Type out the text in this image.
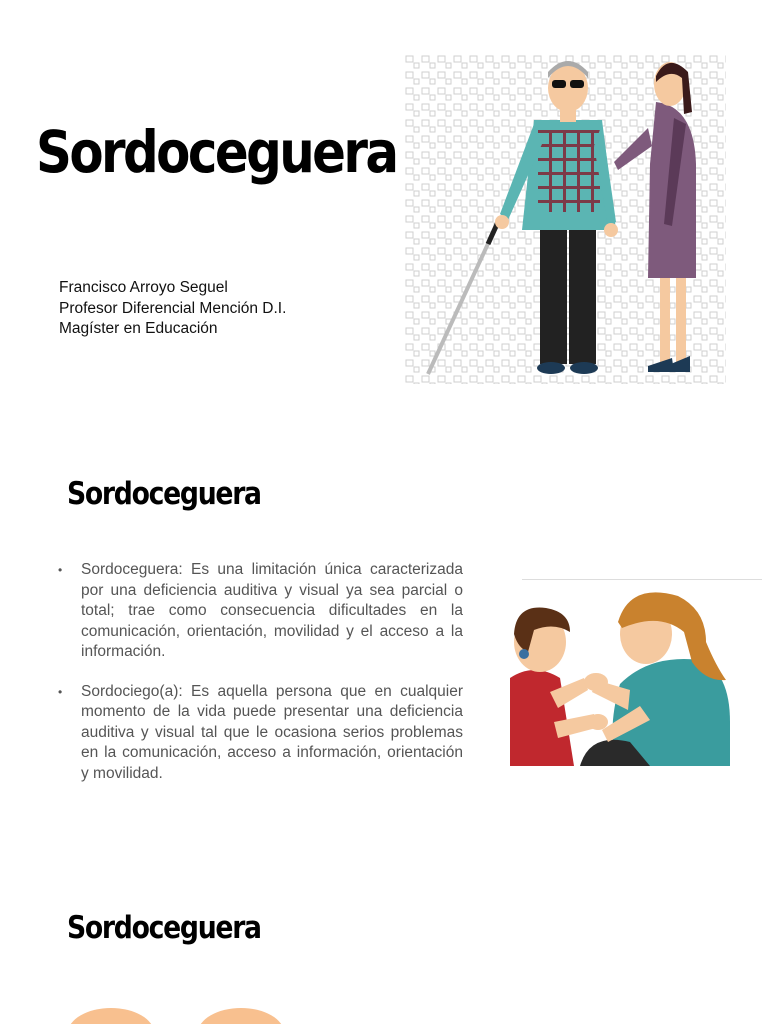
Sordoceguera
Francisco Arroyo Seguel
Profesor Diferencial Mención D.I.
Magíster en Educación
Sordoceguera
• Sordoceguera: Es una limitación única caracterizada por una deficiencia auditiva y visual ya sea parcial o total; trae como consecuencia dificultades en la comunicación, orientación, movilidad y el acceso a la información.
• Sordociego(a): Es aquella persona que en cualquier momento de la vida puede presentar una deficiencia auditiva y visual tal que le ocasiona serios problemas en la comunicación, acceso a información, orientación y movilidad.
Sordoceguera
